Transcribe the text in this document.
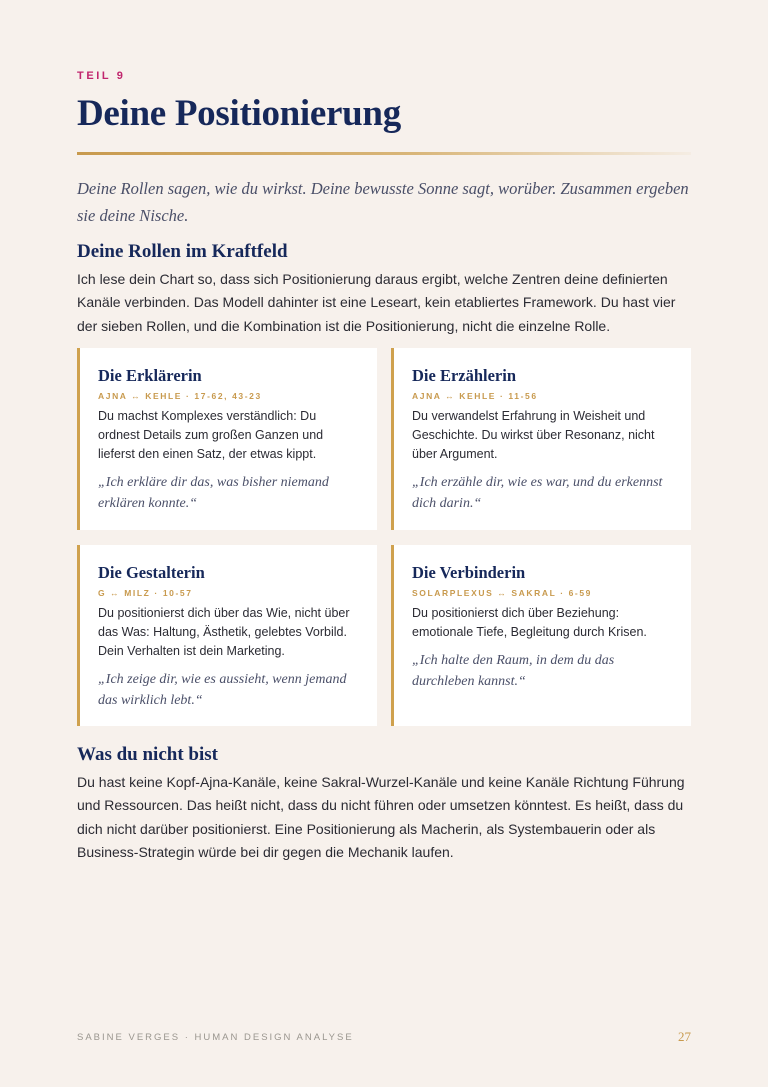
TEIL 9
Deine Positionierung

Deine Rollen sagen, wie du wirkst. Deine bewusste Sonne sagt, worüber. Zusammen ergeben sie deine Nische.

Deine Rollen im Kraftfeld

Ich lese dein Chart so, dass sich Positionierung daraus ergibt, welche Zentren deine definierten Kanäle verbinden. Das Modell dahinter ist eine Leseart, kein etabliertes Framework. Du hast vier der sieben Rollen, und die Kombination ist die Positionierung, nicht die einzelne Rolle.

Die Erklärerin
AJNA ↔ KEHLE · 17-62, 43-23

Du machst Komplexes verständlich: Du ordnest Details zum großen Ganzen und lieferst den einen Satz, der etwas kippt.

„Ich erkläre dir das, was bisher niemand erklären konnte.“

Die Erzählerin
AJNA ↔ KEHLE · 11-56

Du verwandelst Erfahrung in Weisheit und Geschichte. Du wirkst über Resonanz, nicht über Argument.

„Ich erzähle dir, wie es war, und du erkennst dich darin.“

Die Gestalterin
G ↔ MILZ · 10-57

Du positionierst dich über das Wie, nicht über das Was: Haltung, Ästhetik, gelebtes Vorbild. Dein Verhalten ist dein Marketing.

„Ich zeige dir, wie es aussieht, wenn jemand das wirklich lebt.“

Die Verbinderin
SOLARPLEXUS ↔ SAKRAL · 6-59

Du positionierst dich über Beziehung: emotionale Tiefe, Begleitung durch Krisen.

„Ich halte den Raum, in dem du das durchleben kannst.“

Was du nicht bist

Du hast keine Kopf-Ajna-Kanäle, keine Sakral-Wurzel-Kanäle und keine Kanäle Richtung Führung und Ressourcen. Das heißt nicht, dass du nicht führen oder umsetzen könntest. Es heißt, dass du dich nicht darüber positionierst. Eine Positionierung als Macherin, als Systembauerin oder als Business-Strategin würde bei dir gegen die Mechanik laufen.

SABINE VERGES · HUMAN DESIGN ANALYSE	27
